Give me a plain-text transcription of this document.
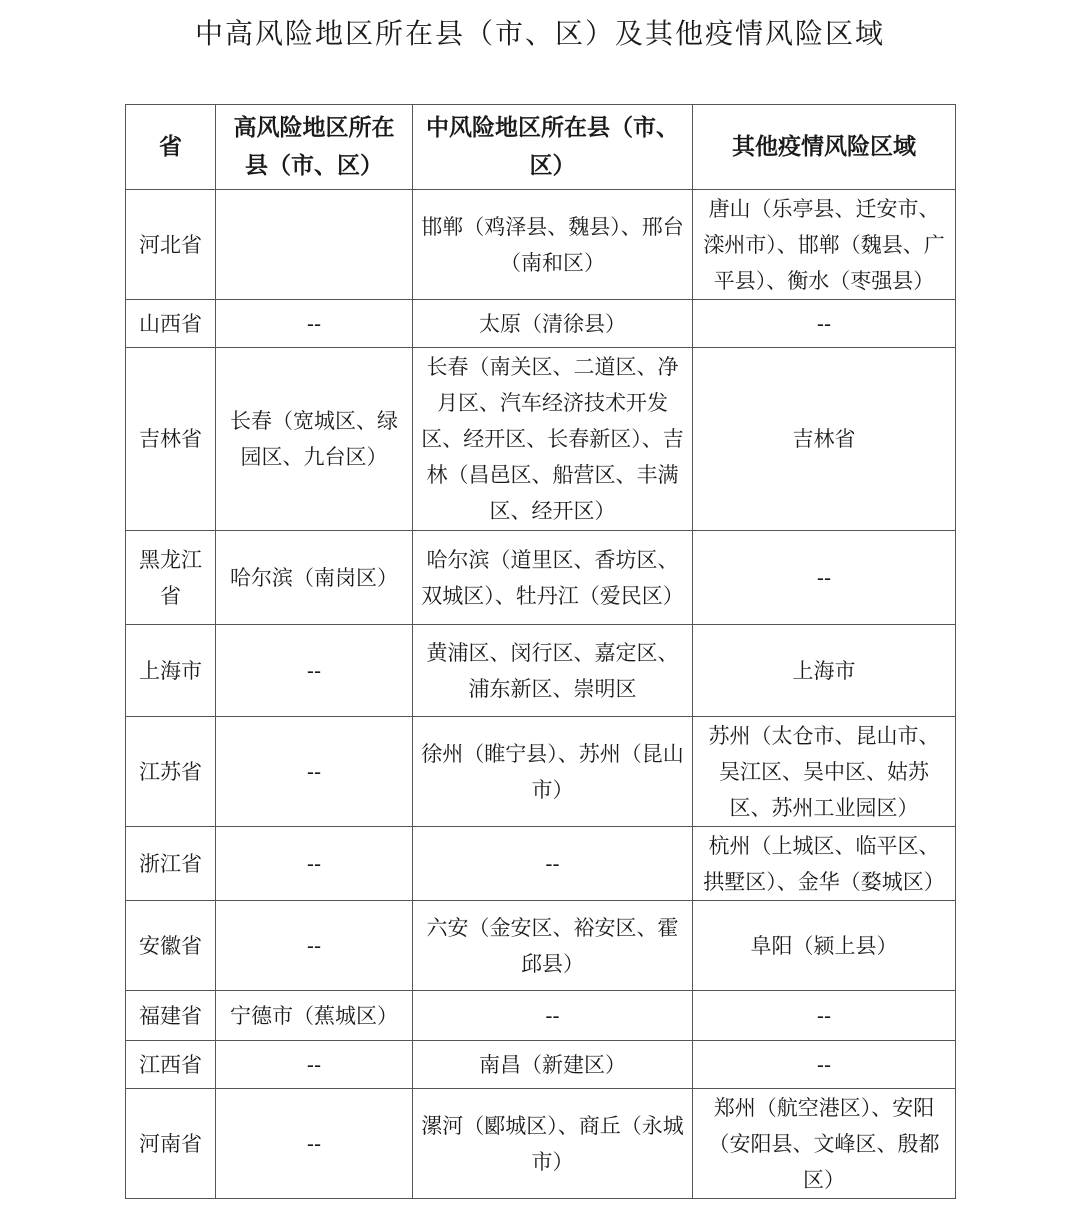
中高风险地区所在县（市、区）及其他疫情风险区域
省	高风险地区所在县（市、区）	中风险地区所在县（市、区）	其他疫情风险区域
河北省		邯郸（鸡泽县、魏县）、邢台（南和区）	唐山（乐亭县、迁安市、滦州市）、邯郸（魏县、广平县）、衡水（枣强县）
山西省	--	太原（清徐县）	--
吉林省	长春（宽城区、绿园区、九台区）	长春（南关区、二道区、净月区、汽车经济技术开发区、经开区、长春新区）、吉林（昌邑区、船营区、丰满区、经开区）	吉林省
黑龙江省	哈尔滨（南岗区）	哈尔滨（道里区、香坊区、双城区）、牡丹江（爱民区）	--
上海市	--	黄浦区、闵行区、嘉定区、浦东新区、崇明区	上海市
江苏省	--	徐州（睢宁县）、苏州（昆山市）	苏州（太仓市、昆山市、吴江区、吴中区、姑苏区、苏州工业园区）
浙江省	--	--	杭州（上城区、临平区、拱墅区）、金华（婺城区）
安徽省	--	六安（金安区、裕安区、霍邱县）	阜阳（颍上县）
福建省	宁德市（蕉城区）	--	--
江西省	--	南昌（新建区）	--
河南省	--	漯河（郾城区）、商丘（永城市）	郑州（航空港区）、安阳（安阳县、文峰区、殷都区）
